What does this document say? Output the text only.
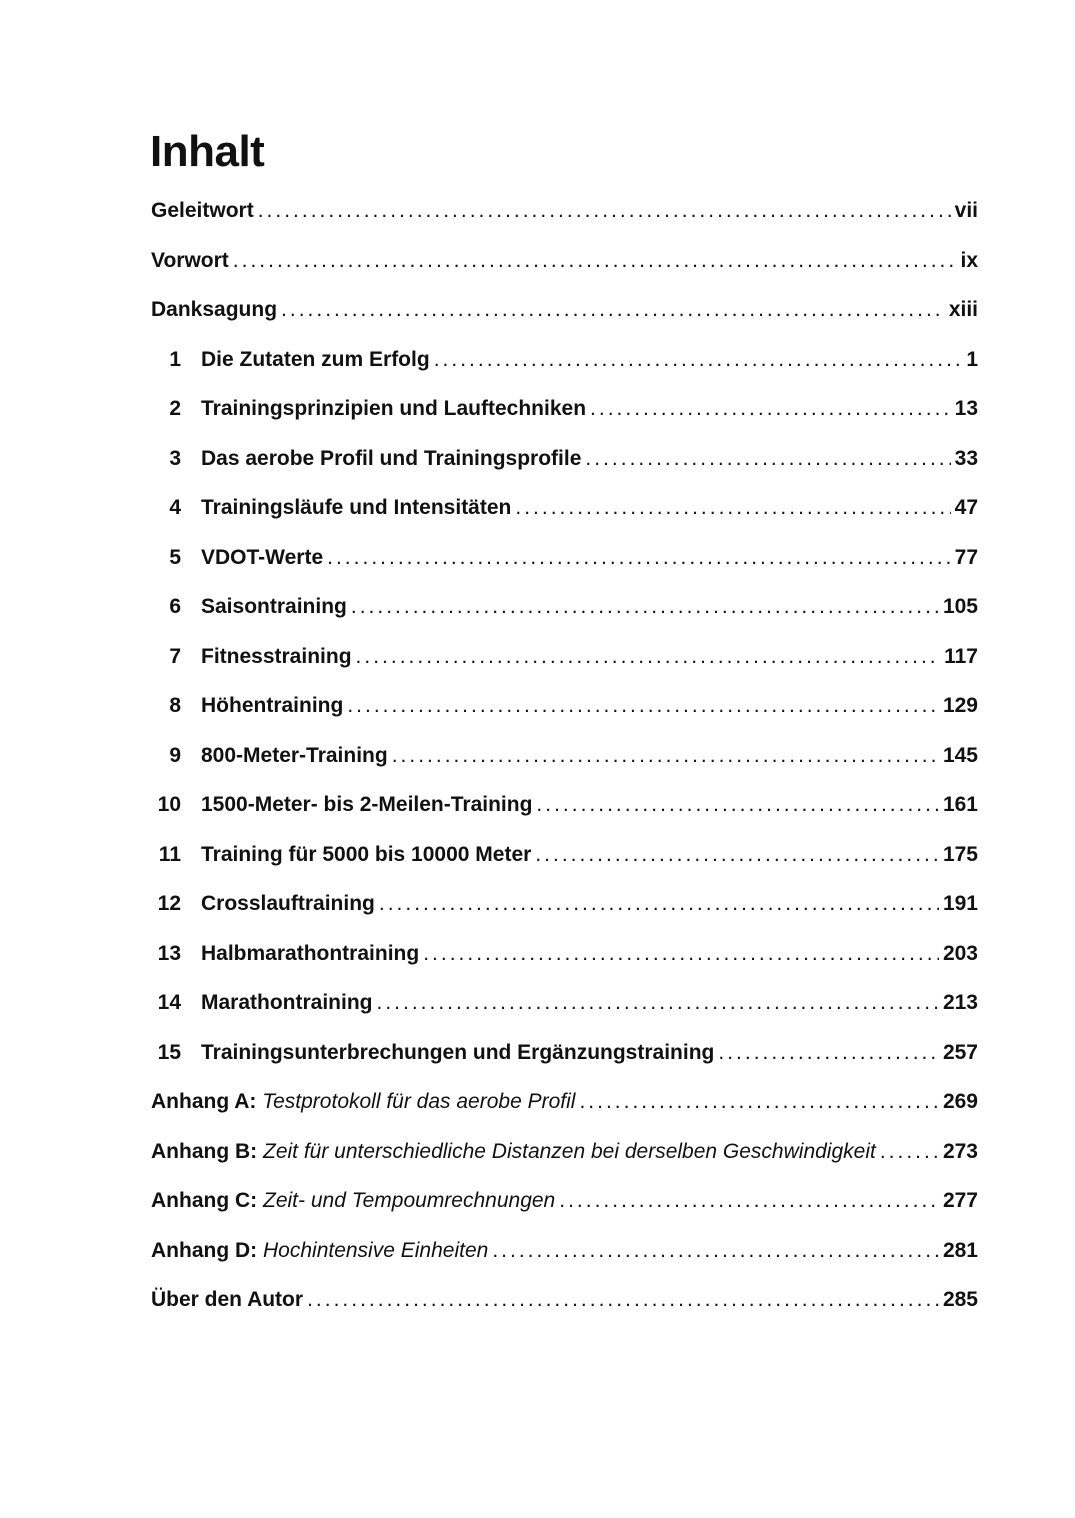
Inhalt
Geleitwort .....	vii
Vorwort .....	ix
Danksagung .....	xiii
1 Die Zutaten zum Erfolg .....	1
2 Trainingsprinzipien und Lauftechniken .....	13
3 Das aerobe Profil und Trainingsprofile .....	33
4 Trainingsläufe und Intensitäten .....	47
5 VDOT-Werte .....	77
6 Saisontraining .....	105
7 Fitnesstraining .....	117
8 Höhentraining .....	129
9 800-Meter-Training .....	145
10 1500-Meter- bis 2-Meilen-Training .....	161
11 Training für 5000 bis 10000 Meter .....	175
12 Crosslauftraining .....	191
13 Halbmarathontraining .....	203
14 Marathontraining .....	213
15 Trainingsunterbrechungen und Ergänzungstraining .....	257
Anhang A: Testprotokoll für das aerobe Profil .....	269
Anhang B: Zeit für unterschiedliche Distanzen bei derselben Geschwindigkeit .....	273
Anhang C: Zeit- und Tempoumrechnungen .....	277
Anhang D: Hochintensive Einheiten .....	281
Über den Autor .....	285
